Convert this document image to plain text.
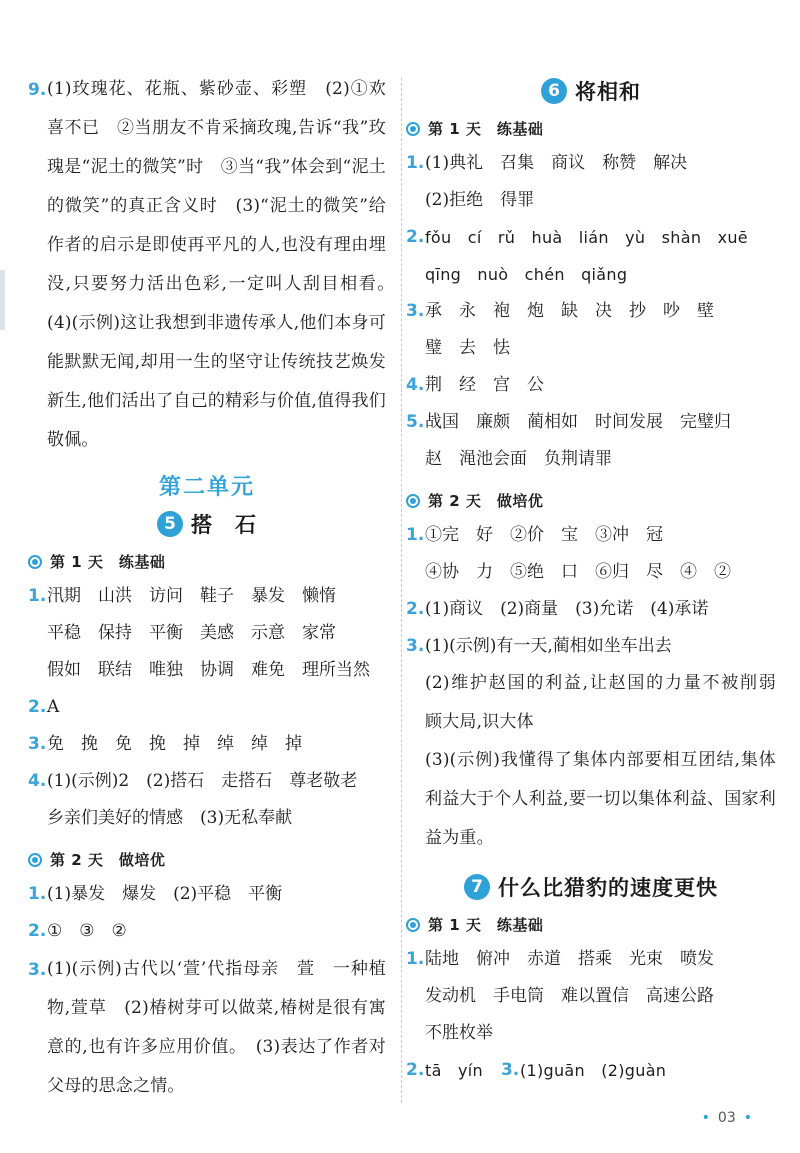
9. (1)玫瑰花、花瓶、紫砂壶、彩塑　(2)①欢喜不已　②当朋友不肯采摘玫瑰,告诉“我”玫瑰是“泥土的微笑”时　③当“我”体会到“泥土的微笑”的真正含义时　(3)“泥土的微笑”给作者的启示是即使再平凡的人,也没有理由埋没,只要努力活出色彩,一定叫人刮目相看。　(4)(示例)这让我想到非遗传承人,他们本身可能默默无闻,却用一生的坚守让传统技艺焕发新生,他们活出了自己的精彩与价值,值得我们敬佩。
第二单元
5 搭　石
第 1 天　练基础
1. 汛期　山洪　访问　鞋子　暴发　懒惰
平稳　保持　平衡　美感　示意　家常
假如　联结　唯独　协调　难免　理所当然
2. A
3. 免　挽　免　挽　掉　绰　绰　掉
4. (1)(示例)2　(2)搭石　走搭石　尊老敬老
乡亲们美好的情感　(3)无私奉献
第 2 天　做培优
1. (1)暴发　爆发　(2)平稳　平衡
2. ①　③　②
3. (1)(示例)古代以‘萱’代指母亲　萱　一种植物,萱草　(2)椿树芽可以做菜,椿树是很有寓意的,也有许多应用价值。　(3)表达了作者对父母的思念之情。
6 将相和
第 1 天　练基础
1. (1)典礼　召集　商议　称赞　解决
(2)拒绝　得罪
2. fǒu　cí　rǔ　huà　lián　yù　shàn　xuē
qīng　nuò　chén　qiǎng
3. 承　永　袍　炮　缺　决　抄　吵　壁
璧　去　怯
4. 荆　经　宫　公
5. 战国　廉颇　蔺相如　时间发展　完璧归
赵　渑池会面　负荆请罪
第 2 天　做培优
1. ①完　好　②价　宝　③冲　冠
④协　力　⑤绝　口　⑥归　尽　④　②
2. (1)商议　(2)商量　(3)允诺　(4)承诺
3. (1)(示例)有一天,蔺相如坐车出去
(2)维护赵国的利益,让赵国的力量不被削弱　顾大局,识大体
(3)(示例)我懂得了集体内部要相互团结,集体利益大于个人利益,要一切以集体利益、国家利益为重。
7 什么比猎豹的速度更快
第 1 天　练基础
1. 陆地　俯冲　赤道　搭乘　光束　喷发
发动机　手电筒　难以置信　高速公路
不胜枚举
2. tā　yín 3. (1)guān　(2)guàn
• 03 •
